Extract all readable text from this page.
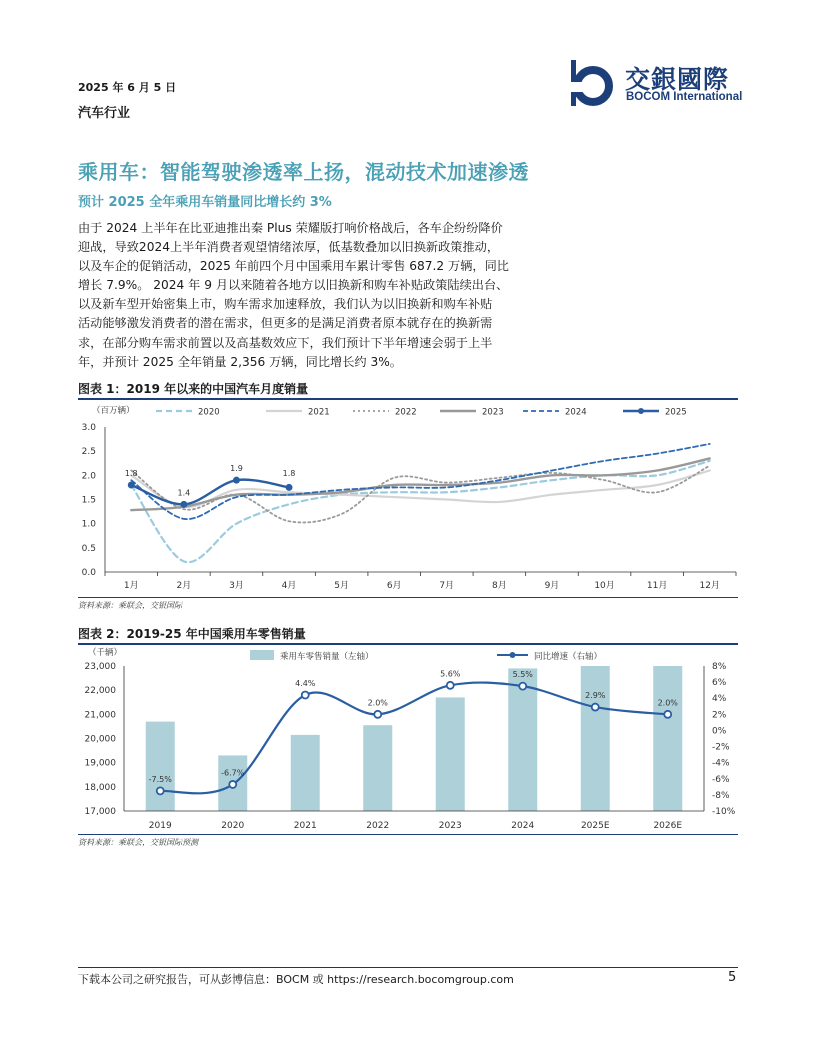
2025 年 6 月 5 日
汽车行业
交銀國際
BOCOM International
乘用车：智能驾驶渗透率上扬，混动技术加速渗透
预计 2025 全年乘用车销量同比增长约 3%
由于 2024 上半年在比亚迪推出秦 Plus 荣耀版打响价格战后，各车企纷纷降价
迎战，导致2024上半年消费者观望情绪浓厚，低基数叠加以旧换新政策推动，
以及车企的促销活动，2025 年前四个月中国乘用车累计零售 687.2 万辆，同比
增长 7.9%。 2024 年 9 月以来随着各地方以旧换新和购车补贴政策陆续出台、
以及新车型开始密集上市，购车需求加速释放，我们认为以旧换新和购车补贴
活动能够激发消费者的潜在需求，但更多的是满足消费者原本就存在的换新需
求，在部分购车需求前置以及高基数效应下，我们预计下半年增速会弱于上半
年，并预计 2025 全年销量 2,356 万辆，同比增长约 3%。
图表 1：2019 年以来的中国汽车月度销量
（百万辆）	2020	2021	2022	2023	2024	2025
0.0
0.5
1.0
1.5
2.0
2.5
3.0
1月	2月	3月	4月	5月	6月	7月	8月	9月	10月	11月	12月
1.8
1.4
1.9
1.8
资料来源：乘联会，交银国际
图表 2：2019-25 年中国乘用车零售销量
（千辆）	乘用车零售销量（左轴）	同比增速（右轴）
17,000
18,000
19,000
20,000
21,000
22,000
23,000
-10%
-8%
-6%
-4%
-2%
0%
2%
4%
6%
8%
2019	2020	2021	2022	2023	2024	2025E	2026E
-7.5%
-6.7%
4.4%
2.0%
5.6%	5.5%
2.9%
2.0%
资料来源：乘联会，交银国际预测
下载本公司之研究报告，可从彭博信息：BOCM 或 https://research.bocomgroup.com	5
